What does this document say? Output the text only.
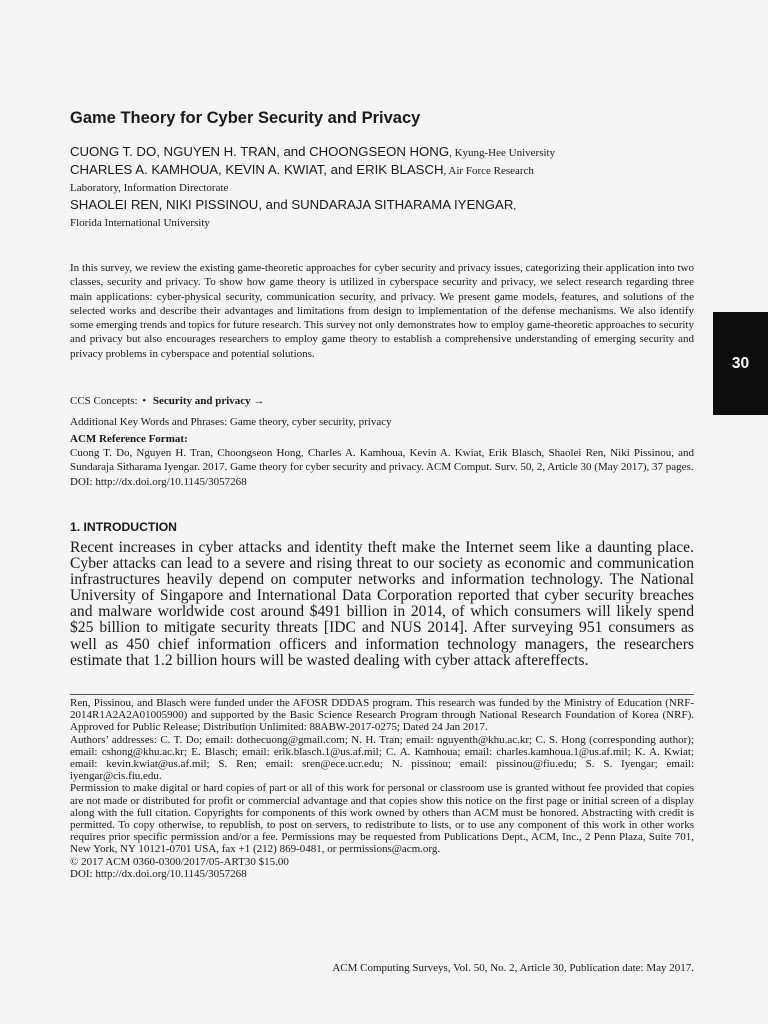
Game Theory for Cyber Security and Privacy
CUONG T. DO, NGUYEN H. TRAN, and CHOONGSEON HONG, Kyung-Hee University
CHARLES A. KAMHOUA, KEVIN A. KWIAT, and ERIK BLASCH, Air Force Research
Laboratory, Information Directorate
SHAOLEI REN, NIKI PISSINOU, and SUNDARAJA SITHARAMA IYENGAR,
Florida International University

In this survey, we review the existing game-theoretic approaches for cyber security and privacy issues, categorizing their application into two classes, security and privacy. To show how game theory is utilized in cyberspace security and privacy, we select research regarding three main applications: cyber-physical security, communication security, and privacy. We present game models, features, and solutions of the selected works and describe their advantages and limitations from design to implementation of the defense mechanisms. We also identify some emerging trends and topics for future research. This survey not only demonstrates how to employ game-theoretic approaches to security and privacy but also encourages researchers to employ game theory to establish a comprehensive understanding of emerging security and privacy problems in cyberspace and potential solutions.

CCS Concepts: • Security and privacy →

Additional Key Words and Phrases: Game theory, cyber security, privacy

ACM Reference Format:

Cuong T. Do, Nguyen H. Tran, Choongseon Hong, Charles A. Kamhoua, Kevin A. Kwiat, Erik Blasch, Shaolei Ren, Niki Pissinou, and Sundaraja Sitharama Iyengar. 2017. Game theory for cyber security and privacy. ACM Comput. Surv. 50, 2, Article 30 (May 2017), 37 pages.
DOI: http://dx.doi.org/10.1145/3057268
1. INTRODUCTION

Recent increases in cyber attacks and identity theft make the Internet seem like a daunting place. Cyber attacks can lead to a severe and rising threat to our society as economic and communication infrastructures heavily depend on computer networks and information technology. The National University of Singapore and International Data Corporation reported that cyber security breaches and malware worldwide cost around $491 billion in 2014, of which consumers will likely spend $25 billion to mitigate security threats [IDC and NUS 2014]. After surveying 951 consumers as well as 450 chief information officers and information technology managers, the researchers estimate that 1.2 billion hours will be wasted dealing with cyber attack aftereffects.

Ren, Pissinou, and Blasch were funded under the AFOSR DDDAS program. This research was funded by the Ministry of Education (NRF-2014R1A2A2A01005900) and supported by the Basic Science Research Program through National Research Foundation of Korea (NRF). Approved for Public Release; Distribution Unlimited: 88ABW-2017-0275; Dated 24 Jan 2017.

Authors’ addresses: C. T. Do; email: dothecuong@gmail.com; N. H. Tran; email: nguyenth@khu.ac.kr; C. S. Hong (corresponding author); email: cshong@khu.ac.kr; E. Blasch; email: erik.blasch.1@us.af.mil; C. A. Kamhoua; email: charles.kamhoua.1@us.af.mil; K. A. Kwiat; email: kevin.kwiat@us.af.mil; S. Ren; email: sren@ece.ucr.edu; N. pissinou; email: pissinou@fiu.edu; S. S. Iyengar; email: iyengar@cis.fiu.edu.

Permission to make digital or hard copies of part or all of this work for personal or classroom use is granted without fee provided that copies are not made or distributed for profit or commercial advantage and that copies show this notice on the first page or initial screen of a display along with the full citation. Copyrights for components of this work owned by others than ACM must be honored. Abstracting with credit is permitted. To copy otherwise, to republish, to post on servers, to redistribute to lists, or to use any component of this work in other works requires prior specific permission and/or a fee. Permissions may be requested from Publications Dept., ACM, Inc., 2 Penn Plaza, Suite 701, New York, NY 10121-0701 USA, fax +1 (212) 869-0481, or permissions@acm.org.

© 2017 ACM 0360-0300/2017/05-ART30 $15.00

DOI: http://dx.doi.org/10.1145/3057268

ACM Computing Surveys, Vol. 50, No. 2, Article 30, Publication date: May 2017.
30
